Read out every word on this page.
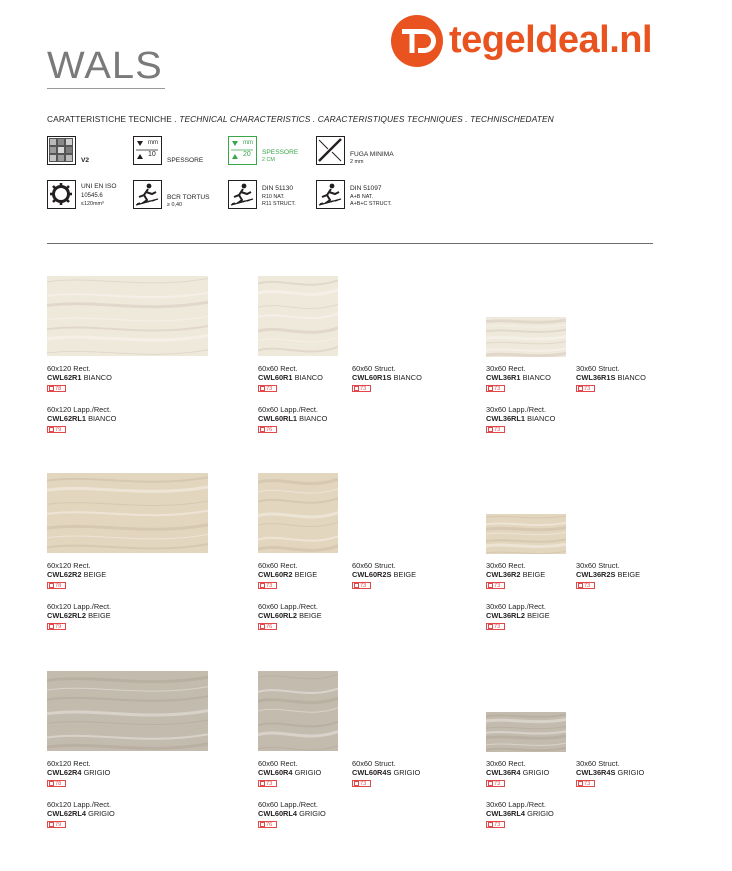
WALS
tegeldeal.nl
CARATTERISTICHE TECNICHE . TECHNICAL CHARACTERISTICS . CARACTERISTIQUES TECHNIQUES . TECHNISCHEDATEN
V2
mm
10
SPESSORE
mm
20 SPESSORE
2 CM
FUGA MINIMA
2 mm
UNI EN ISO
10545.6
≤120mm³
BCR TORTUS
≥ 0,40
DIN 51130
R10 NAT.
R11 STRUCT.
DIN 51097
A+B NAT.
A+B+C STRUCT.
60x120 Rect.
CWL62R1 BIANCO
78
60x120 Lapp./Rect.
CWL62RL1 BIANCO
79
60x60 Rect.
CWL60R1 BIANCO
73
60x60 Lapp./Rect.
CWL60RL1 BIANCO
76
60x60 Struct.
CWL60R1S BIANCO
73
30x60 Rect.
CWL36R1 BIANCO
73
30x60 Lapp./Rect.
CWL36RL1 BIANCO
73
30x60 Struct.
CWL36R1S BIANCO
73
60x120 Rect.
CWL62R2 BEIGE
78
60x120 Lapp./Rect.
CWL62RL2 BEIGE
79
60x60 Rect.
CWL60R2 BEIGE
73
60x60 Lapp./Rect.
CWL60RL2 BEIGE
76
60x60 Struct.
CWL60R2S BEIGE
73
30x60 Rect.
CWL36R2 BEIGE
73
30x60 Lapp./Rect.
CWL36RL2 BEIGE
73
30x60 Struct.
CWL36R2S BEIGE
73
60x120 Rect.
CWL62R4 GRIGIO
78
60x120 Lapp./Rect.
CWL62RL4 GRIGIO
79
60x60 Rect.
CWL60R4 GRIGIO
73
60x60 Lapp./Rect.
CWL60RL4 GRIGIO
76
60x60 Struct.
CWL60R4S GRIGIO
73
30x60 Rect.
CWL36R4 GRIGIO
73
30x60 Lapp./Rect.
CWL36RL4 GRIGIO
73
30x60 Struct.
CWL36R4S GRIGIO
73
